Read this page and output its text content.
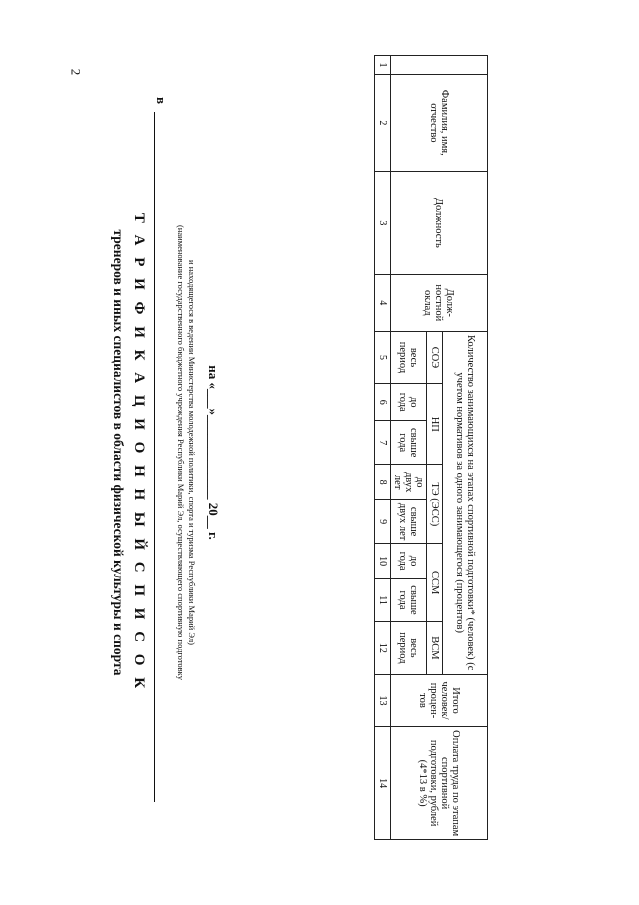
2
Т А Р И Ф И К А Ц И О Н Н Ы Й С П И С О К
тренеров и иных специалистов в области физической культуры и спорта
в
(наименование государственного бюджетного учреждения Республики Марий Эл, осуществляющего спортивную подготовку и находящегося в ведении Министерства молодежной политики, спорта и туризма Республики Марий Эл) на «___»_____________ 20__ г.
	Фамилия, имя, отчество	Должность	Долж- ностной оклад	Количество занимающихся на этапах спортивной подготовки* (человек) (с учетом нормативов за одного занимающегося (процентов)								Итого человек/ процен- тов	Оплата труда по этапам спортивной подготовки, рублей (4*13 в %)
				СОЭ	НП		ТЭ (ЭСС)		ССМ		ВСМ		
				весь период	до года	свыше года	до двух лет	свыше двух лет	до года	свыше года	весь период		
1	2	3	4	5	6	7	8	9	10	11	12	13	14
